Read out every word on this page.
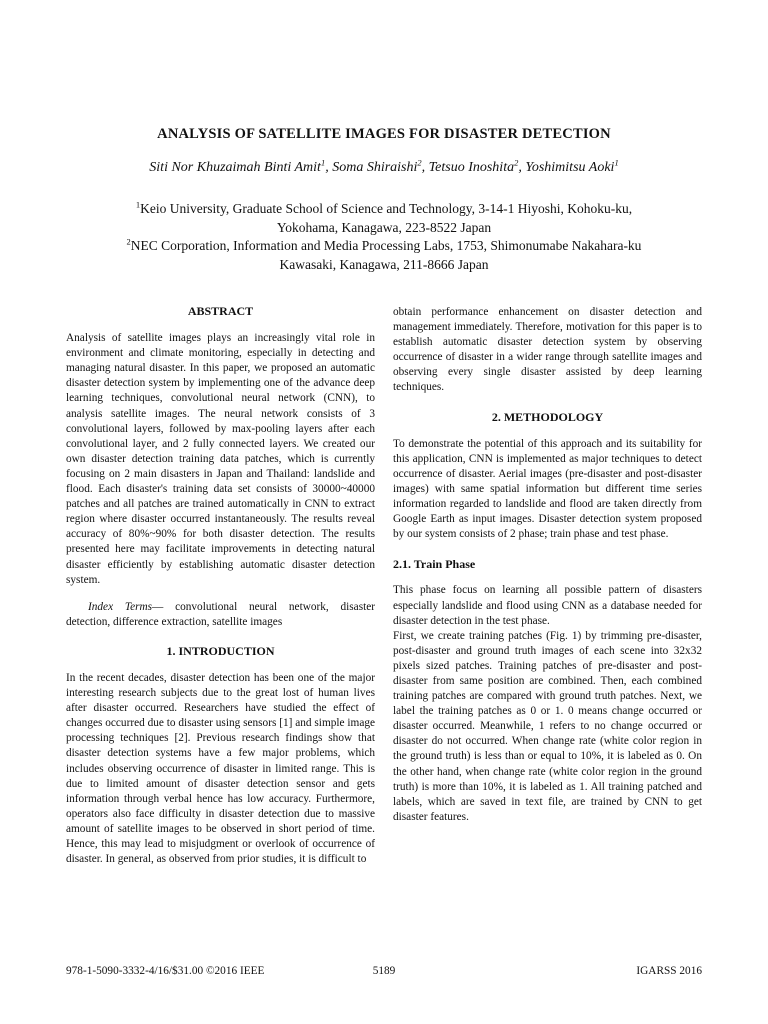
ANALYSIS OF SATELLITE IMAGES FOR DISASTER DETECTION
Siti Nor Khuzaimah Binti Amit$^1$, Soma Shiraishi$^2$, Tetsuo Inoshita$^2$, Yoshimitsu Aoki$^1$
$^1$Keio University, Graduate School of Science and Technology, 3-14-1 Hiyoshi, Kohoku-ku,
Yokohama, Kanagawa, 223-8522 Japan
$^2$NEC Corporation, Information and Media Processing Labs, 1753, Shimonumabe Nakahara-ku
Kawasaki, Kanagawa, 211-8666 Japan
ABSTRACT

Analysis of satellite images plays an increasingly vital role in environment and climate monitoring, especially in detecting and managing natural disaster. In this paper, we proposed an automatic disaster detection system by implementing one of the advance deep learning techniques, convolutional neural network (CNN), to analysis satellite images. The neural network consists of 3 convolutional layers, followed by max-pooling layers after each convolutional layer, and 2 fully connected layers. We created our own disaster detection training data patches, which is currently focusing on 2 main disasters in Japan and Thailand: landslide and flood. Each disaster's training data set consists of 30000~40000 patches and all patches are trained automatically in CNN to extract region where disaster occurred instantaneously. The results reveal accuracy of 80%~90% for both disaster detection. The results presented here may facilitate improvements in detecting natural disaster efficiently by establishing automatic disaster detection system.

Index Terms— convolutional neural network, disaster detection, difference extraction, satellite images

1. INTRODUCTION

In the recent decades, disaster detection has been one of the major interesting research subjects due to the great lost of human lives after disaster occurred. Researchers have studied the effect of changes occurred due to disaster using sensors [1] and simple image processing techniques [2]. Previous research findings show that disaster detection systems have a few major problems, which includes observing occurrence of disaster in limited range. This is due to limited amount of disaster detection sensor and gets information through verbal hence has low accuracy. Furthermore, operators also face difficulty in disaster detection due to massive amount of satellite images to be observed in short period of time. Hence, this may lead to misjudgment or overlook of occurrence of disaster. In general, as observed from prior studies, it is difficult to

obtain performance enhancement on disaster detection and management immediately. Therefore, motivation for this paper is to establish automatic disaster detection system by observing occurrence of disaster in a wider range through satellite images and observing every single disaster assisted by deep learning techniques.

2. METHODOLOGY

To demonstrate the potential of this approach and its suitability for this application, CNN is implemented as major techniques to detect occurrence of disaster. Aerial images (pre-disaster and post-disaster images) with same spatial information but different time series information regarded to landslide and flood are taken directly from Google Earth as input images. Disaster detection system proposed by our system consists of 2 phase; train phase and test phase.

2.1. Train Phase

This phase focus on learning all possible pattern of disasters especially landslide and flood using CNN as a database needed for disaster detection in the test phase.

First, we create training patches (Fig. 1) by trimming pre-disaster, post-disaster and ground truth images of each scene into 32x32 pixels sized patches. Training patches of pre-disaster and post-disaster from same position are combined. Then, each combined training patches are compared with ground truth patches. Next, we label the training patches as 0 or 1. 0 means change occurred or disaster occurred. Meanwhile, 1 refers to no change occurred or disaster do not occurred. When change rate (white color region in the ground truth) is less than or equal to 10%, it is labeled as 0. On the other hand, when change rate (white color region in the ground truth) is more than 10%, it is labeled as 1. All training patched and labels, which are saved in text file, are trained by CNN to get disaster features.

978-1-5090-3332-4/16/$31.00 ©2016 IEEE	5189	IGARSS 2016
